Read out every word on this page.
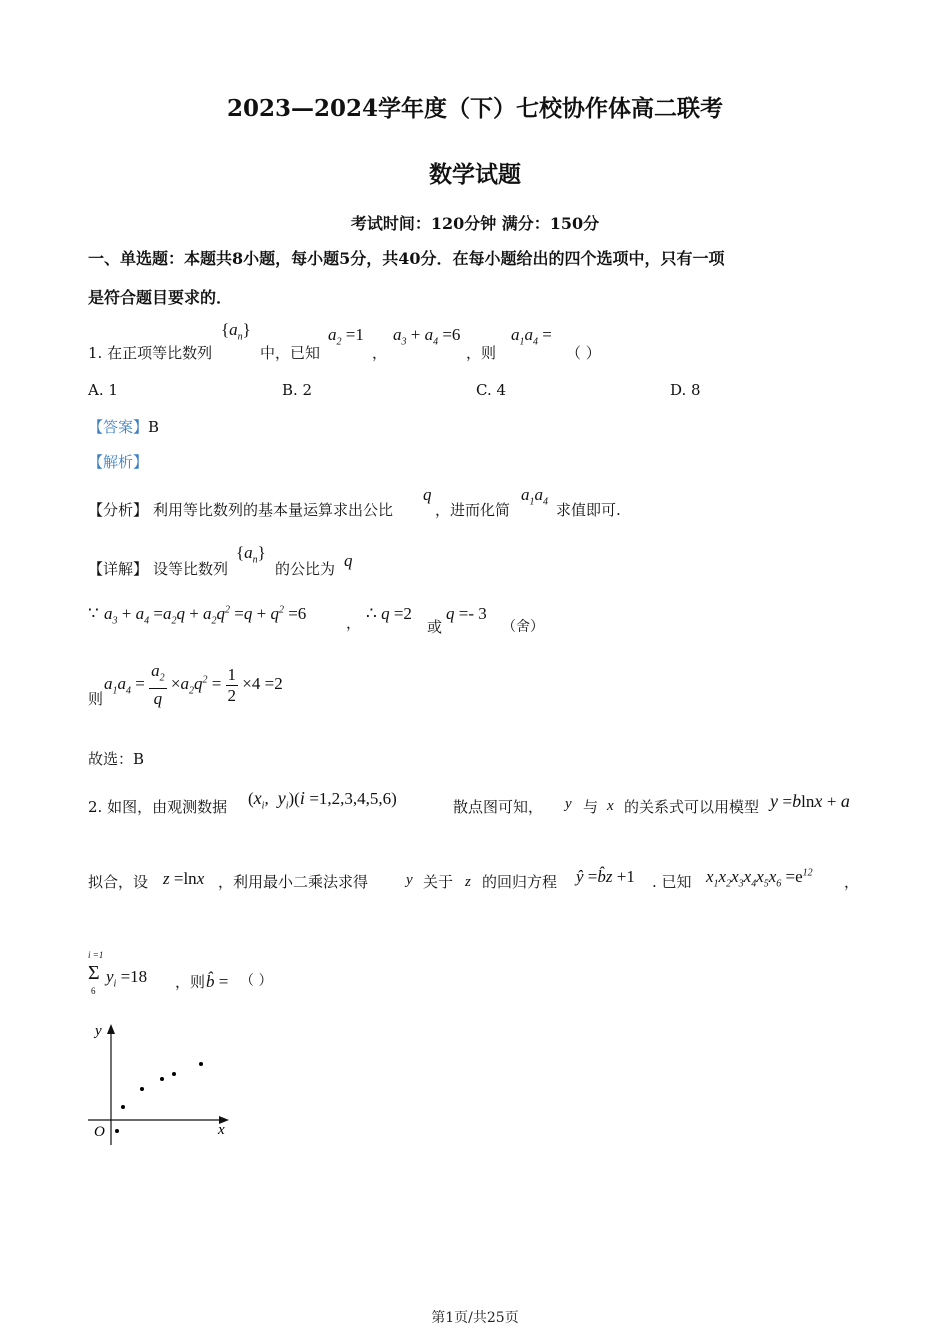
2023—2024学年度（下）七校协作体高二联考
数学试题
考试时间：120分钟 满分：150分
一、单选题：本题共8小题，每小题5分，共40分．在每小题给出的四个选项中，只有一项
是符合题目要求的．
1. 在正项等比数列
$\{a_n\}$
中，已知
$a_2 =1$
，
$a_3 + a_4 =6$
，则
$a_1a_4$ =
（ ）
A. 1	B. 2	C. 4	D. 8
【答案】B
【解析】
【分析】 利用等比数列的基本量运算求出公比
q
，进而化简
$a_1a_4$ 求值即可.
【详解】 设等比数列
$\{a_n\}$
的公比为 q
∵ $a_3 + a_4 =a_2q + a_2q^2 =q + q^2 =6$	， ∴ q =2
或
q =- 3
（舍）
则
$a_1a_4 = \frac{a_2}{q} \times a_2q^2 = \frac{1}{2} \times 4 =2$
故选：B
2. 如图，由观测数据 ($x_i$,  $y_i)(i =1,2,3,4,5,6)$	散点图可知， y 与 x 的关系式可以用模型 y =blnx + a
拟合，设 z =lnx ，利用最小二乘法求得	y 关于 z 的回归方程 ŷ =b̂z +1 . 已知 $x_1x_2x_3x_4x_5x_6 =e^{12}$
，
i =1
Σ
6
$y_i =18$ ，则 b̂ = （ ）
y
x
O
第1页/共25页
